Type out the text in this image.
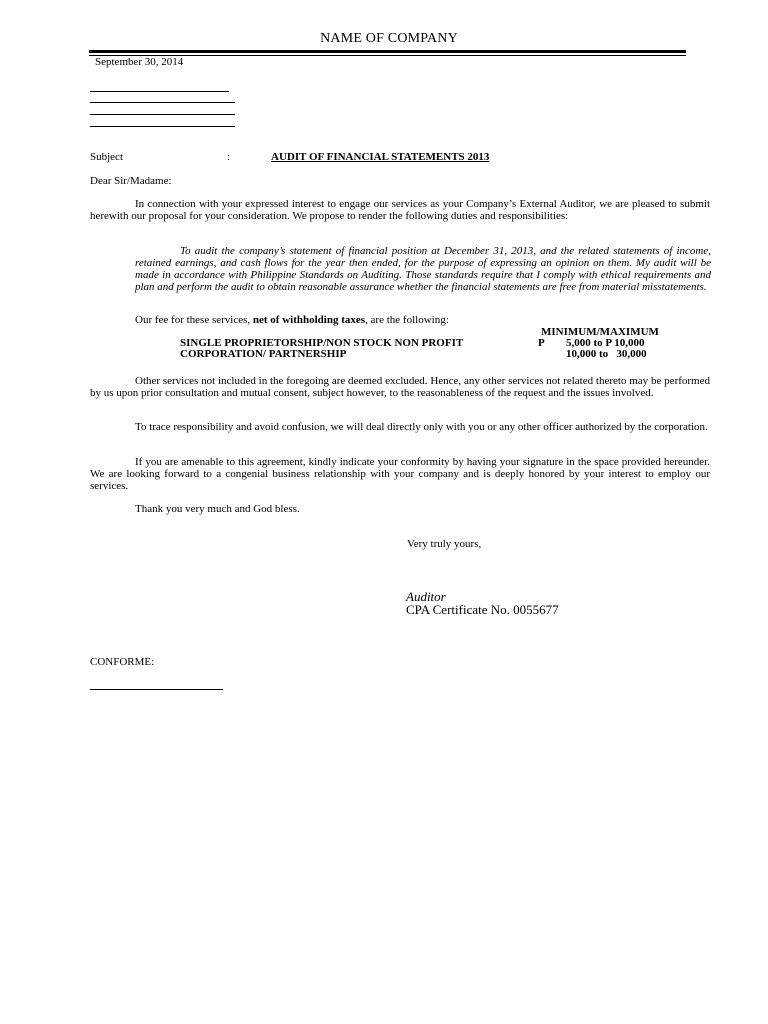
NAME OF COMPANY
September 30, 2014
Subject	:	AUDIT OF FINANCIAL STATEMENTS 2013
Dear Sir/Madame:
In connection with your expressed interest to engage our services as your Company’s External Auditor, we are pleased to submit herewith our proposal for your consideration. We propose to render the following duties and responsibilities:
To audit the company’s statement of financial position at December 31, 2013, and the related statements of income, retained earnings, and cash flows for the year then ended, for the purpose of expressing an opinion on them. My audit will be made in accordance with Philippine Standards on Auditing. Those standards require that I comply with ethical requirements and plan and perform the audit to obtain reasonable assurance whether the financial statements are free from material misstatements.
Our fee for these services, net of withholding taxes, are the following:
MINIMUM/MAXIMUM
SINGLE PROPRIETORSHIP/NON STOCK NON PROFIT	P 5,000 to P 10,000
CORPORATION/ PARTNERSHIP	10,000 to   30,000
Other services not included in the foregoing are deemed excluded. Hence, any other services not related thereto may be performed by us upon prior consultation and mutual consent, subject however, to the reasonableness of the request and the issues involved.
To trace responsibility and avoid confusion, we will deal directly only with you or any other officer authorized by the corporation.
If you are amenable to this agreement, kindly indicate your conformity by having your signature in the space provided hereunder. We are looking forward to a congenial business relationship with your company and is deeply honored by your interest to employ our services.
Thank you very much and God bless.
Very truly yours,
Auditor
CPA Certificate No. 0055677
CONFORME:
